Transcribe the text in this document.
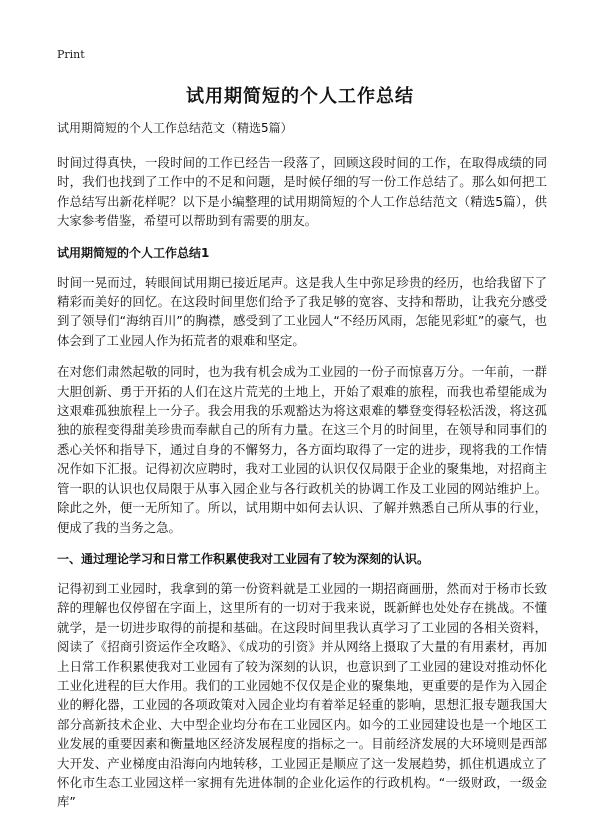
Print
试用期简短的个人工作总结
试用期简短的个人工作总结范文（精选5篇）

时间过得真快，一段时间的工作已经告一段落了，回顾这段时间的工作，在取得成绩的同时，我们也找到了工作中的不足和问题，是时候仔细的写一份工作总结了。那么如何把工作总结写出新花样呢？以下是小编整理的试用期简短的个人工作总结范文（精选5篇），供大家参考借鉴，希望可以帮助到有需要的朋友。

试用期简短的个人工作总结1

时间一晃而过，转眼间试用期已接近尾声。这是我人生中弥足珍贵的经历，也给我留下了精彩而美好的回忆。在这段时间里您们给予了我足够的宽容、支持和帮助，让我充分感受到了领导们“海纳百川”的胸襟，感受到了工业园人“不经历风雨，怎能见彩虹”的豪气，也体会到了工业园人作为拓荒者的艰难和坚定。

在对您们肃然起敬的同时，也为我有机会成为工业园的一份子而惊喜万分。一年前，一群大胆创新、勇于开拓的人们在这片荒芜的土地上，开始了艰难的旅程，而我也希望能成为这艰难孤独旅程上一分子。我会用我的乐观豁达为将这艰难的攀登变得轻松活泼，将这孤独的旅程变得甜美珍贵而奉献自己的所有力量。在这三个月的时间里，在领导和同事们的悉心关怀和指导下，通过自身的不懈努力，各方面均取得了一定的进步，现将我的工作情况作如下汇报。记得初次应聘时，我对工业园的认识仅仅局限于企业的聚集地，对招商主管一职的认识也仅局限于从事入园企业与各行政机关的协调工作及工业园的网站维护上。除此之外，便一无所知了。所以，试用期中如何去认识、了解并熟悉自己所从事的行业，便成了我的当务之急。

一、通过理论学习和日常工作积累使我对工业园有了较为深刻的认识。

记得初到工业园时，我拿到的第一份资料就是工业园的一期招商画册，然而对于杨市长致辞的理解也仅停留在字面上，这里所有的一切对于我来说，既新鲜也处处存在挑战。不懂就学，是一切进步取得的前提和基础。在这段时间里我认真学习了工业园的各相关资料，阅读了《招商引资运作全攻略》、《成功的引资》并从网络上摄取了大量的有用素材，再加上日常工作积累使我对工业园有了较为深刻的认识，也意识到了工业园的建设对推动怀化工业化进程的巨大作用。我们的工业园她不仅仅是企业的聚集地，更重要的是作为入园企业的孵化器，工业园的各项政策对入园企业均有着举足轻重的影响，思想汇报专题我国大部分高新技术企业、大中型企业均分布在工业园区内。如今的工业园建设也是一个地区工业发展的重要因素和衡量地区经济发展程度的指标之一。目前经济发展的大环境则是西部大开发、产业梯度由沿海向内地转移，工业园正是顺应了这一发展趋势，抓住机遇成立了怀化市生态工业园这样一家拥有先进体制的企业化运作的行政机构。“一级财政，一级金库”
